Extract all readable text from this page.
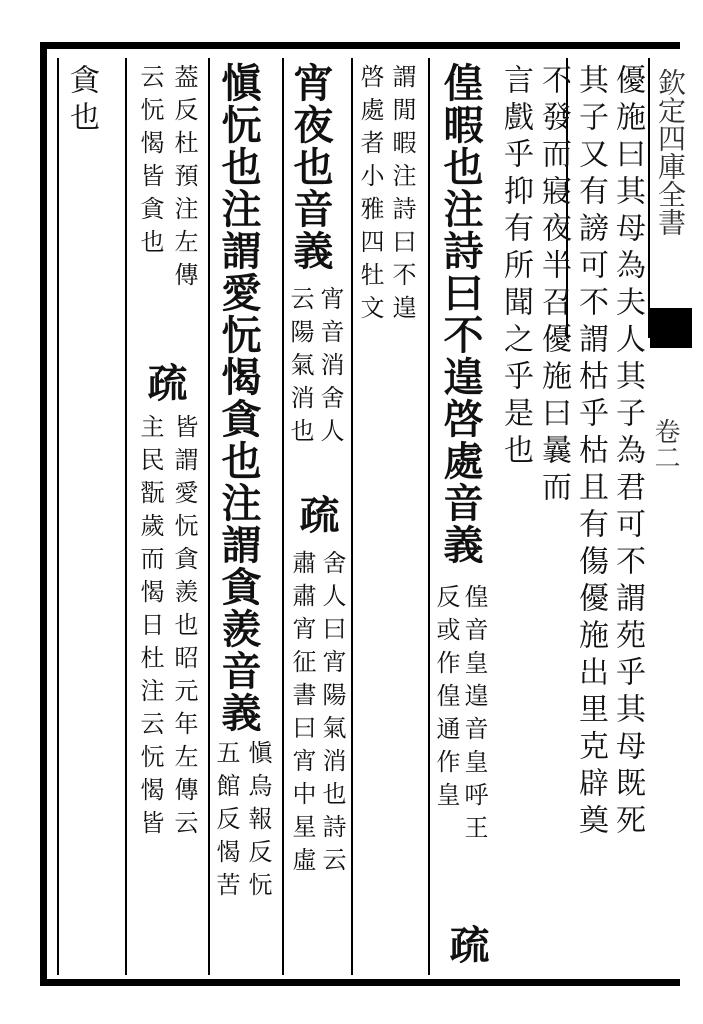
欽定四庫全書
卷二
優施曰其母為夫人其子為君可不謂苑乎其母既死
其子又有謗可不謂枯乎枯且有傷優施出里克辟奠
不發而寢夜半召優施曰曩而
言戲乎抑有所聞之乎是也
偟暇也注詩曰不遑啓處音義
偟音皇遑音皇呼王
反或作偟通作皇
疏
謂閒暇注詩曰不遑
啓處者小雅四牡文
宵夜也音義
宵音消舍人
云陽氣消也
疏
舍人曰宵陽氣消也詩云
肅肅宵征書曰宵中星虛
愼忨也注謂愛忨愒貪也注謂貪羨音義
愼烏報反忨
五館反愒苦
葢反杜預注左傳
云忨愒皆貪也
疏
皆謂愛忨貪羨也昭元年左傳云
主民翫歲而愒日杜注云忨愒皆
貪也
